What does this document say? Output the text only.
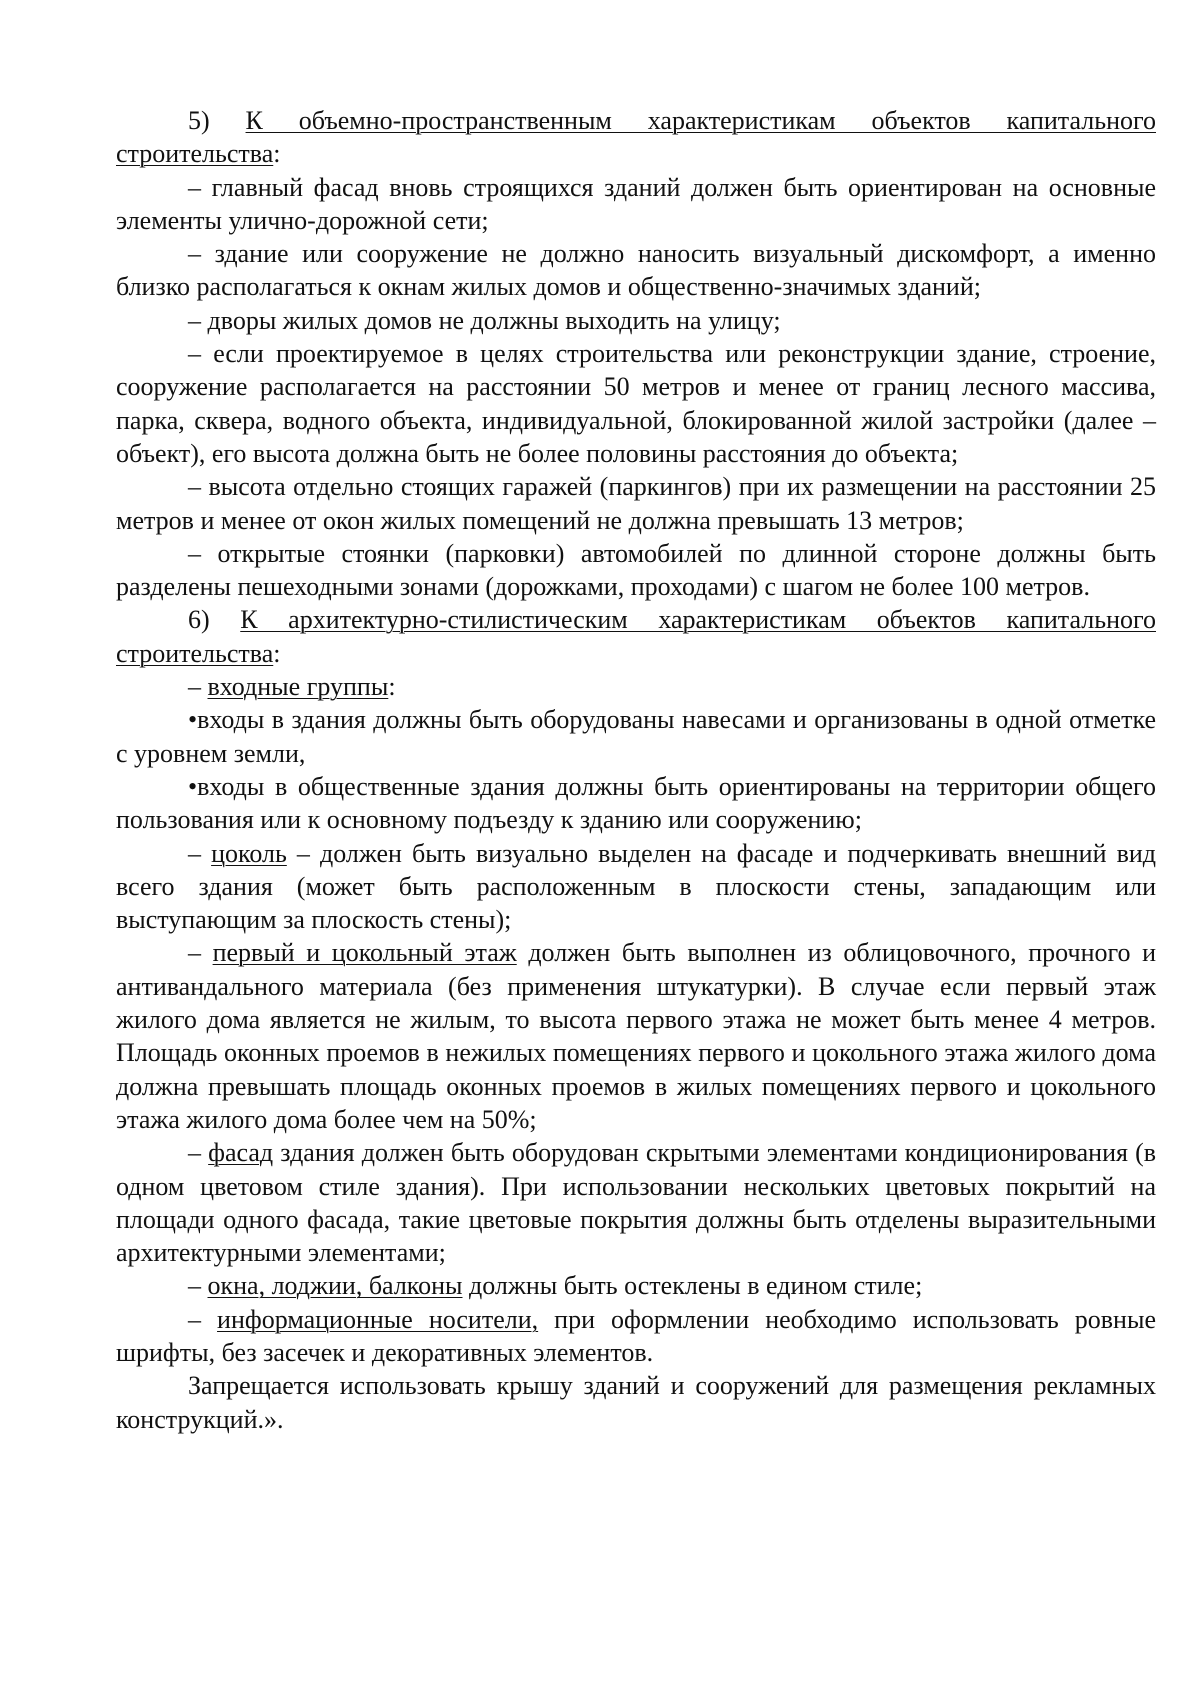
5) К объемно-пространственным характеристикам объектов капитального строительства:

– главный фасад вновь строящихся зданий должен быть ориентирован на основные элементы улично-дорожной сети;

– здание или сооружение не должно наносить визуальный дискомфорт, а именно близко располагаться к окнам жилых домов и общественно-значимых зданий;

– дворы жилых домов не должны выходить на улицу;

– если проектируемое в целях строительства или реконструкции здание, строение, сооружение располагается на расстоянии 50 метров и менее от границ лесного массива, парка, сквера, водного объекта, индивидуальной, блокированной жилой застройки (далее – объект), его высота должна быть не более половины расстояния до объекта;

– высота отдельно стоящих гаражей (паркингов) при их размещении на расстоянии 25 метров и менее от окон жилых помещений не должна превышать 13 метров;

– открытые стоянки (парковки) автомобилей по длинной стороне должны быть разделены пешеходными зонами (дорожками, проходами) с шагом не более 100 метров.

6) К архитектурно-стилистическим характеристикам объектов капитального строительства:

– входные группы:

•входы в здания должны быть оборудованы навесами и организованы в одной отметке с уровнем земли,

•входы в общественные здания должны быть ориентированы на территории общего пользования или к основному подъезду к зданию или сооружению;

– цоколь – должен быть визуально выделен на фасаде и подчеркивать внешний вид всего здания (может быть расположенным в плоскости стены, западающим или выступающим за плоскость стены);

– первый и цокольный этаж должен быть выполнен из облицовочного, прочного и антивандального материала (без применения штукатурки). В случае если первый этаж жилого дома является не жилым, то высота первого этажа не может быть менее 4 метров. Площадь оконных проемов в нежилых помещениях первого и цокольного этажа жилого дома должна превышать площадь оконных проемов в жилых помещениях первого и цокольного этажа жилого дома более чем на 50%;

– фасад здания должен быть оборудован скрытыми элементами кондиционирования (в одном цветовом стиле здания). При использовании нескольких цветовых покрытий на площади одного фасада, такие цветовые покрытия должны быть отделены выразительными архитектурными элементами;

– окна, лоджии, балконы должны быть остеклены в едином стиле;

– информационные носители, при оформлении необходимо использовать ровные шрифты, без засечек и декоративных элементов.

Запрещается использовать крышу зданий и сооружений для размещения рекламных конструкций.».
